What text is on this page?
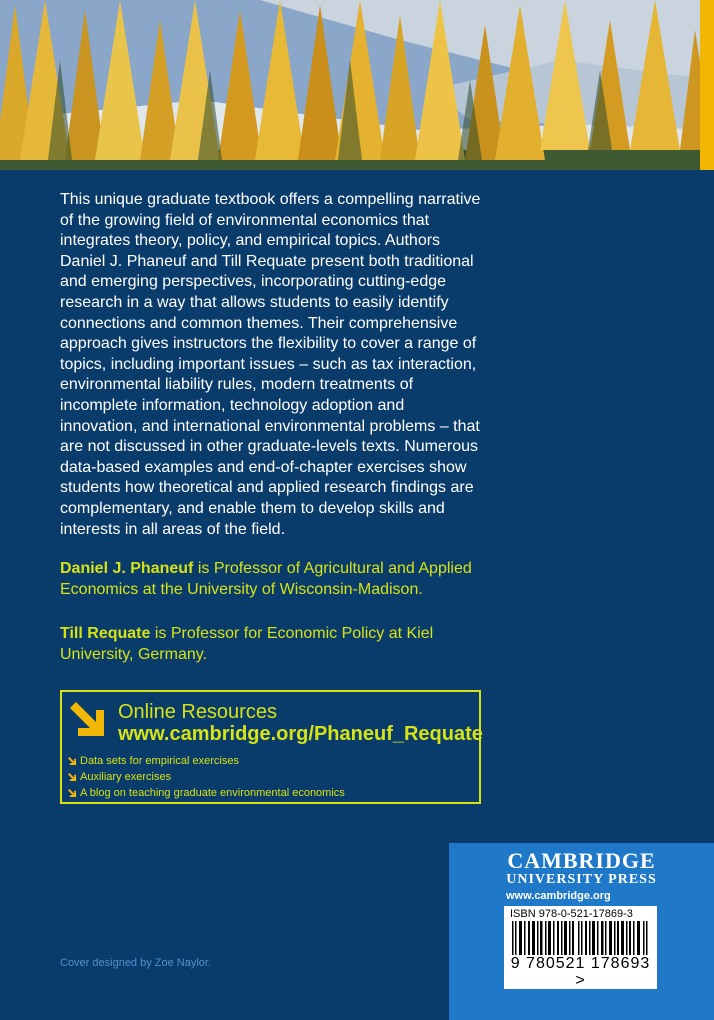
This unique graduate textbook offers a compelling narrative of the growing field of environmental economics that integrates theory, policy, and empirical topics. Authors Daniel J. Phaneuf and Till Requate present both traditional and emerging perspectives, incorporating cutting-edge research in a way that allows students to easily identify connections and common themes. Their comprehensive approach gives instructors the flexibility to cover a range of topics, including important issues – such as tax interaction, environmental liability rules, modern treatments of incomplete information, technology adoption and innovation, and international environmental problems – that are not discussed in other graduate-levels texts. Numerous data-based examples and end-of-chapter exercises show students how theoretical and applied research findings are complementary, and enable them to develop skills and interests in all areas of the field.

Daniel J. Phaneuf is Professor of Agricultural and Applied Economics at the University of Wisconsin-Madison.

Till Requate is Professor for Economic Policy at Kiel University, Germany.

Online Resources
www.cambridge.org/Phaneuf_Requate
Data sets for empirical exercises
Auxiliary exercises
A blog on teaching graduate environmental economics
Cover designed by Zoe Naylor.
CAMBRIDGE
UNIVERSITY PRESS
www.cambridge.org
ISBN 978-0-521-17869-3
9 780521 178693 >
